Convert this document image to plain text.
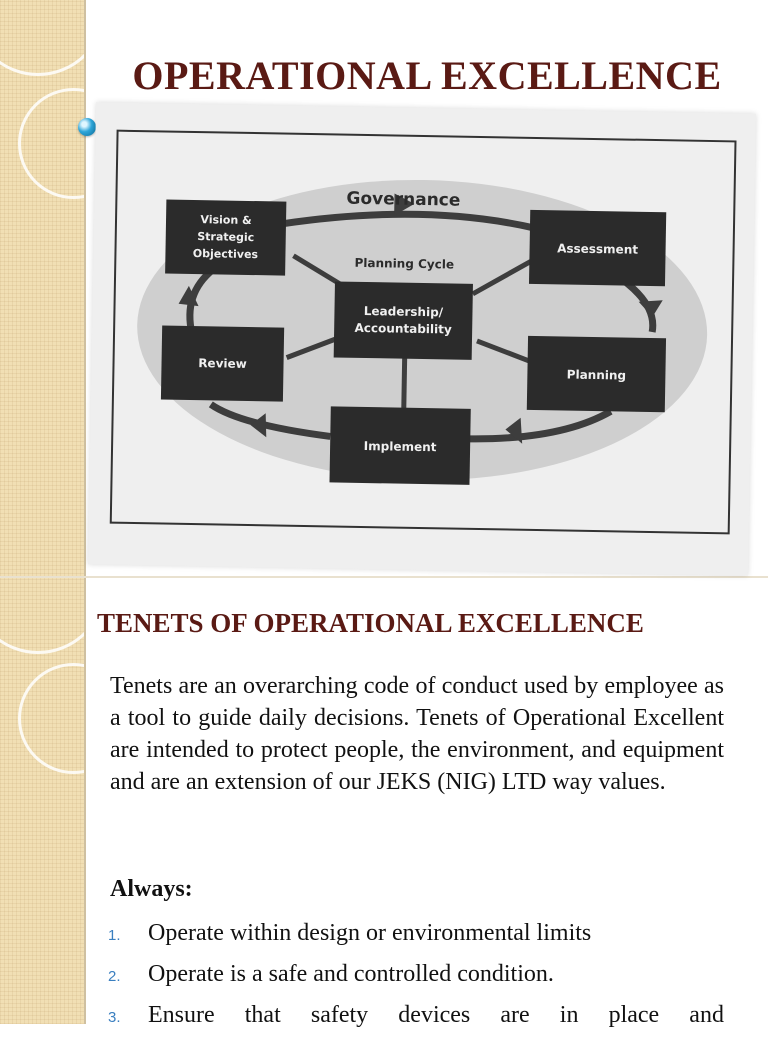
OPERATIONAL EXCELLENCE
Governance
Planning Cycle
Vision &
Strategic
Objectives	Assessment
Leadership/
Accountability
Review
Planning
Implement
TENETS OF OPERATIONAL EXCELLENCE

Tenets are an overarching code of conduct used by employee as a tool to guide daily decisions. Tenets of Operational Excellent are intended to protect people, the environment, and equipment and are an extension of our JEKS (NIG) LTD way values.

Always:

1.	Operate within design or environmental limits
2.	Operate is a safe and controlled condition.
3.	Ensure that safety devices are in place and
